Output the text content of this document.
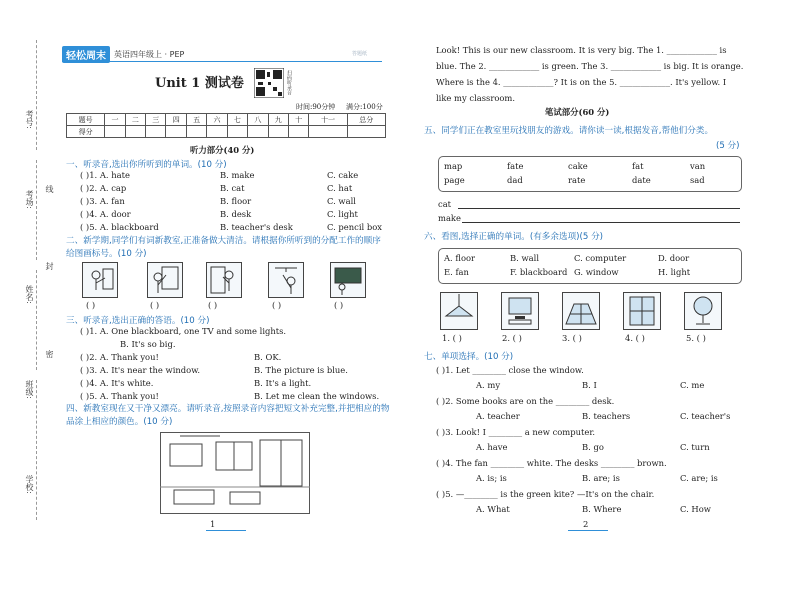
学校:
班级:
姓名:
考场:
考号:
密
封
线
轻松周末	英语四年级上 · PEP
Unit 1 测试卷	扫码听录音
时间:90分钟 满分:100分
答题纸
题号	一	二	三	四	五	六	七	八	九	十	十一	总分
得分												
听力部分(40 分)
一、听录音,选出你所听到的单词。(10 分)
( )1. A. hate	B. make	C. cake
( )2. A. cap	B. cat	C. hat
( )3. A. fan	B. floor	C. wall
( )4. A. door	B. desk	C. light
( )5. A. blackboard	B. teacher's desk	C. pencil box
二、新学期,同学们有词新教室,正准备做大清洁。请根据你所听到的分配工作的顺序给图画标号。(10 分)
( )	( )	( )	( )	( )
三、听录音,选出正确的答语。(10 分)
( )1. A. One blackboard, one TV and some lights.
B. It's so big.
( )2. A. Thank you!	B. OK.
( )3. A. It's near the window.	B. The picture is blue.
( )4. A. It's white.	B. It's a light.
( )5. A. Thank you!	B. Let me clean the windows.
四、新教室现在又干净又漂亮。请听录音,按照录音内容把短文补充完整,并把相应的物品涂上相应的颜色。(10 分)
1
Look! This is our new classroom. It is very big. The 1. ____________ is
blue. The 2. ____________ is green. The 3. ____________ is big. It is orange.
Where is the 4. ____________? It is on the 5. ____________. It's yellow. I
like my classroom.
笔试部分(60 分)
五、同学们正在教室里玩找朋友的游戏。请你读一读,根据发音,帮他们分类。
(5 分)
map	fate	cake	fat	van
page	dad	rate	date	sad
cat
make
六、看图,选择正确的单词。(有多余选项)(5 分)
A. floor	B. wall	C. computer	D. door
E. fan	F. blackboard G. window	H. light
1. ( )	2. ( )	3. ( )	4. ( )	5. ( )
七、单项选择。(10 分)
( )1. Let ________ close the window.
A. my	B. I	C. me
( )2. Some books are on the ________ desk.
A. teacher	B. teachers	C. teacher's
( )3. Look! I ________ a new computer.
A. have	B. go	C. turn
( )4. The fan ________ white. The desks ________ brown.
A. is; is	B. are; is	C. are; is
( )5. —________ is the green kite? —It's on the chair.
A. What	B. Where	C. How
2
